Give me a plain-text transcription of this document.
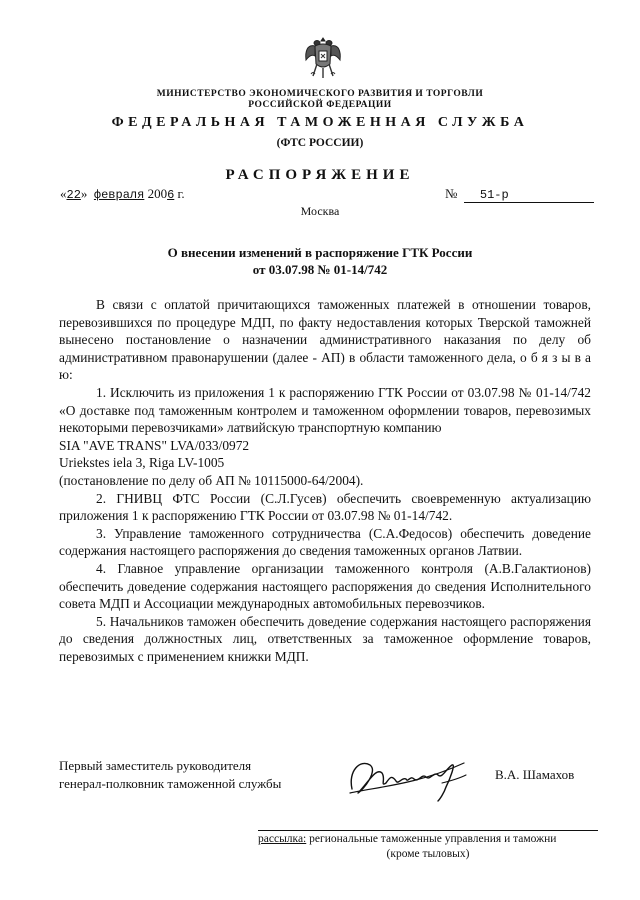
МИНИСТЕРСТВО ЭКОНОМИЧЕСКОГО РАЗВИТИЯ И ТОРГОВЛИ
РОССИЙСКОЙ ФЕДЕРАЦИИ
ФЕДЕРАЛЬНАЯ ТАМОЖЕННАЯ СЛУЖБА
(ФТС РОССИИ)
РАСПОРЯЖЕНИЕ
«22» февраля 2006 г.	№ 51-р
Москва
О внесении изменений в распоряжение ГТК России
от 03.07.98 № 01-14/742

В связи с оплатой причитающихся таможенных платежей в отношении товаров, перевозившихся по процедуре МДП, по факту недоставления которых Тверской таможней вынесено постановление о назначении административного наказания по делу об административном правонарушении (далее - АП) в области таможенного дела, о б я з ы в а ю:

1. Исключить из приложения 1 к распоряжению ГТК России от 03.07.98 № 01-14/742 «О доставке под таможенным контролем и таможенном оформлении товаров, перевозимых некоторыми перевозчиками» латвийскую транспортную компанию

SIA "AVE TRANS" LVA/033/0972

Uriekstes iela 3, Riga LV-1005

(постановление по делу об АП № 10115000-64/2004).

2. ГНИВЦ ФТС России (С.Л.Гусев) обеспечить своевременную актуализацию приложения 1 к распоряжению ГТК России от 03.07.98 № 01-14/742.

3. Управление таможенного сотрудничества (С.А.Федосов) обеспечить доведение содержания настоящего распоряжения до сведения таможенных органов Латвии.

4. Главное управление организации таможенного контроля (А.В.Галактионов) обеспечить доведение содержания настоящего распоряжения до сведения Исполнительного совета МДП и Ассоциации международных автомобильных перевозчиков.

5. Начальников таможен обеспечить доведение содержания настоящего распоряжения до сведения должностных лиц, ответственных за таможенное оформление товаров, перевозимых с применением книжки МДП.

Первый заместитель руководителя
генерал-полковник таможенной службы
В.А. Шамахов
рассылка: региональные таможенные управления и таможни
(кроме тыловых)
